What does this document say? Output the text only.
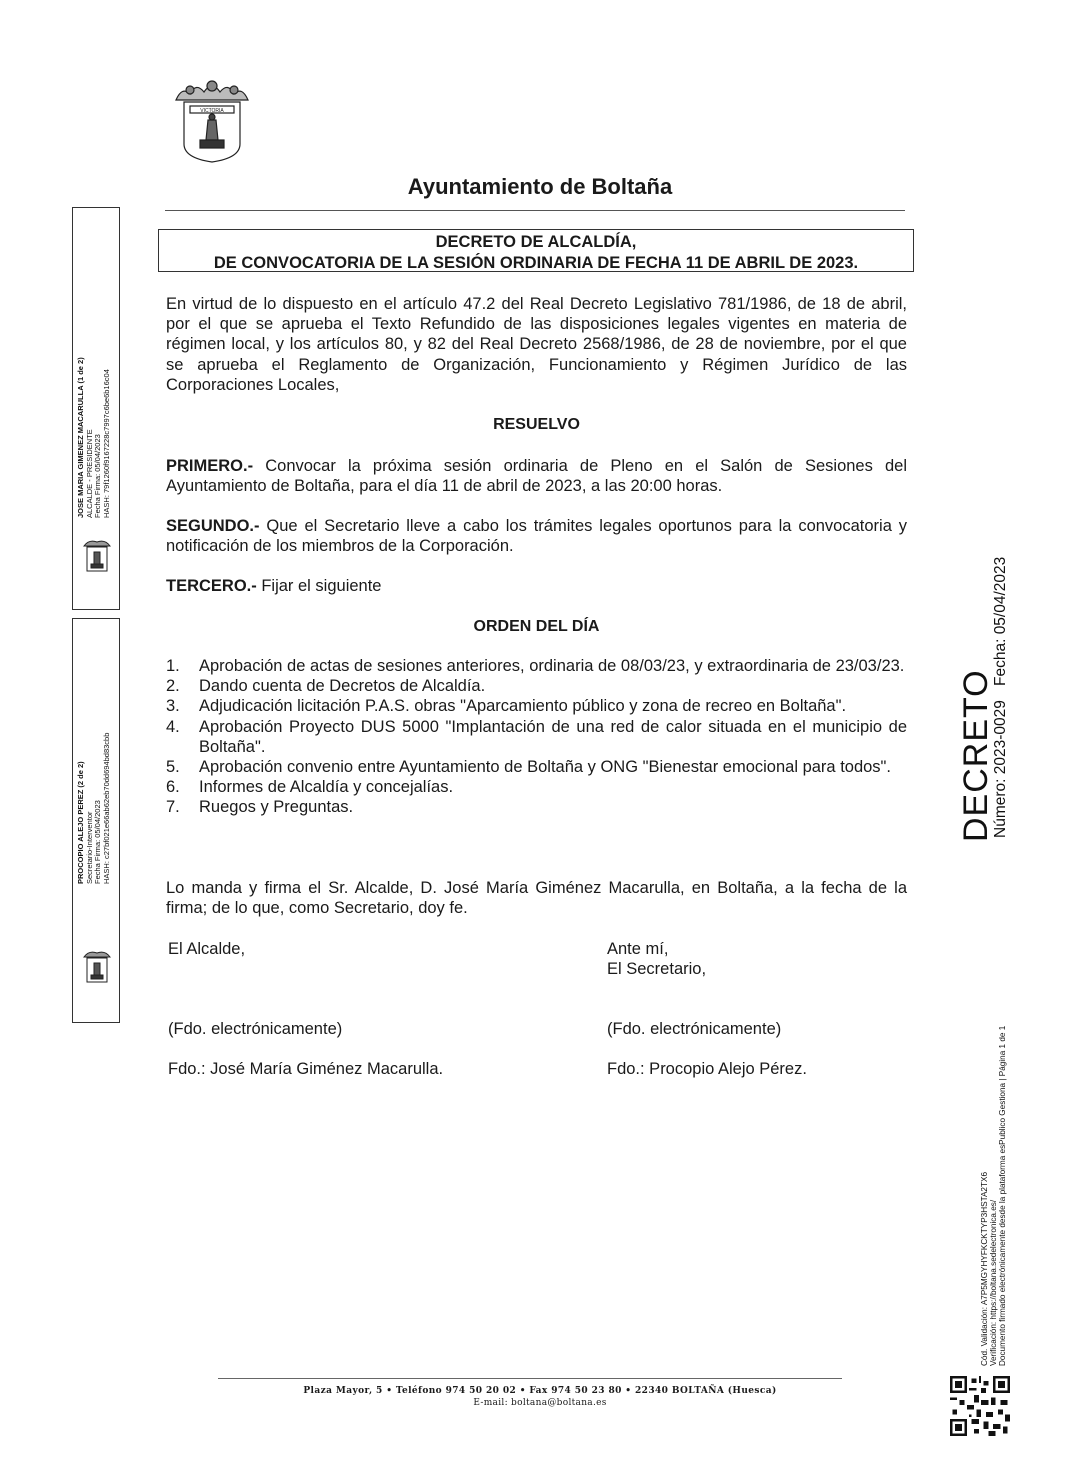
VICTORIA
Ayuntamiento de Boltaña
DECRETO DE ALCALDÍA,
DE CONVOCATORIA DE LA SESIÓN ORDINARIA DE FECHA 11 DE ABRIL DE 2023.
En virtud de lo dispuesto en el artículo 47.2 del Real Decreto Legislativo 781/1986, de 18 de abril, por el que se aprueba el Texto Refundido de las disposiciones legales vigentes en materia de régimen local, y los artículos 80, y 82 del Real Decreto 2568/1986, de 28 de noviembre, por el que se aprueba el Reglamento de Organización, Funcionamiento y Régimen Jurídico de las Corporaciones Locales,
RESUELVO
PRIMERO.- Convocar la próxima sesión ordinaria de Pleno en el Salón de Sesiones del Ayuntamiento de Boltaña, para el día 11 de abril de 2023, a las 20:00 horas.
SEGUNDO.- Que el Secretario lleve a cabo los trámites legales oportunos para la convocatoria y notificación de los miembros de la Corporación.
TERCERO.- Fijar el siguiente
ORDEN DEL DÍA
1. Aprobación de actas de sesiones anteriores, ordinaria de 08/03/23, y extraordinaria de 23/03/23.
2. Dando cuenta de Decretos de Alcaldía.
3. Adjudicación licitación P.A.S. obras "Aparcamiento público y zona de recreo en Boltaña".
4. Aprobación Proyecto DUS 5000 "Implantación de una red de calor situada en el municipio de Boltaña".
5. Aprobación convenio entre Ayuntamiento de Boltaña y ONG "Bienestar emocional para todos".
6. Informes de Alcaldía y concejalías.
7. Ruegos y Preguntas.
Lo manda y firma el Sr. Alcalde, D. José María Giménez Macarulla, en Boltaña, a la fecha de la firma; de lo que, como Secretario, doy fe.
El Alcalde,	Ante mí,
El Secretario,
(Fdo. electrónicamente)	(Fdo. electrónicamente)
Fdo.: José María Giménez Macarulla.	Fdo.: Procopio Alejo Pérez.
JOSE MARIA GIMENEZ MACARULLA (1 de 2) ALCALDE - PRESIDENTE Fecha Firma: 05/04/2023 HASH: 79f1260f9167228c7997c6be6b16c04
PROCOPIO ALEJO PEREZ (2 de 2) Secretario-Interventor Fecha Firma: 05/04/2023 HASH: c27bf021e66ab62eb70dd694bd83cbb	DECRETO
Número: 2023-0029
Fecha: 05/04/2023
Cód. Validación: A7P5MGYHYFKCKTYP3HSTA2TX6 Verificación: https://boltana.sedelectronica.es/ Documento firmado electrónicamente desde la plataforma esPublico Gestiona | Página 1 de 1
Plaza Mayor, 5 • Teléfono 974 50 20 02 • Fax 974 50 23 80 • 22340 BOLTAÑA (Huesca)
E-mail: boltana@boltana.es
